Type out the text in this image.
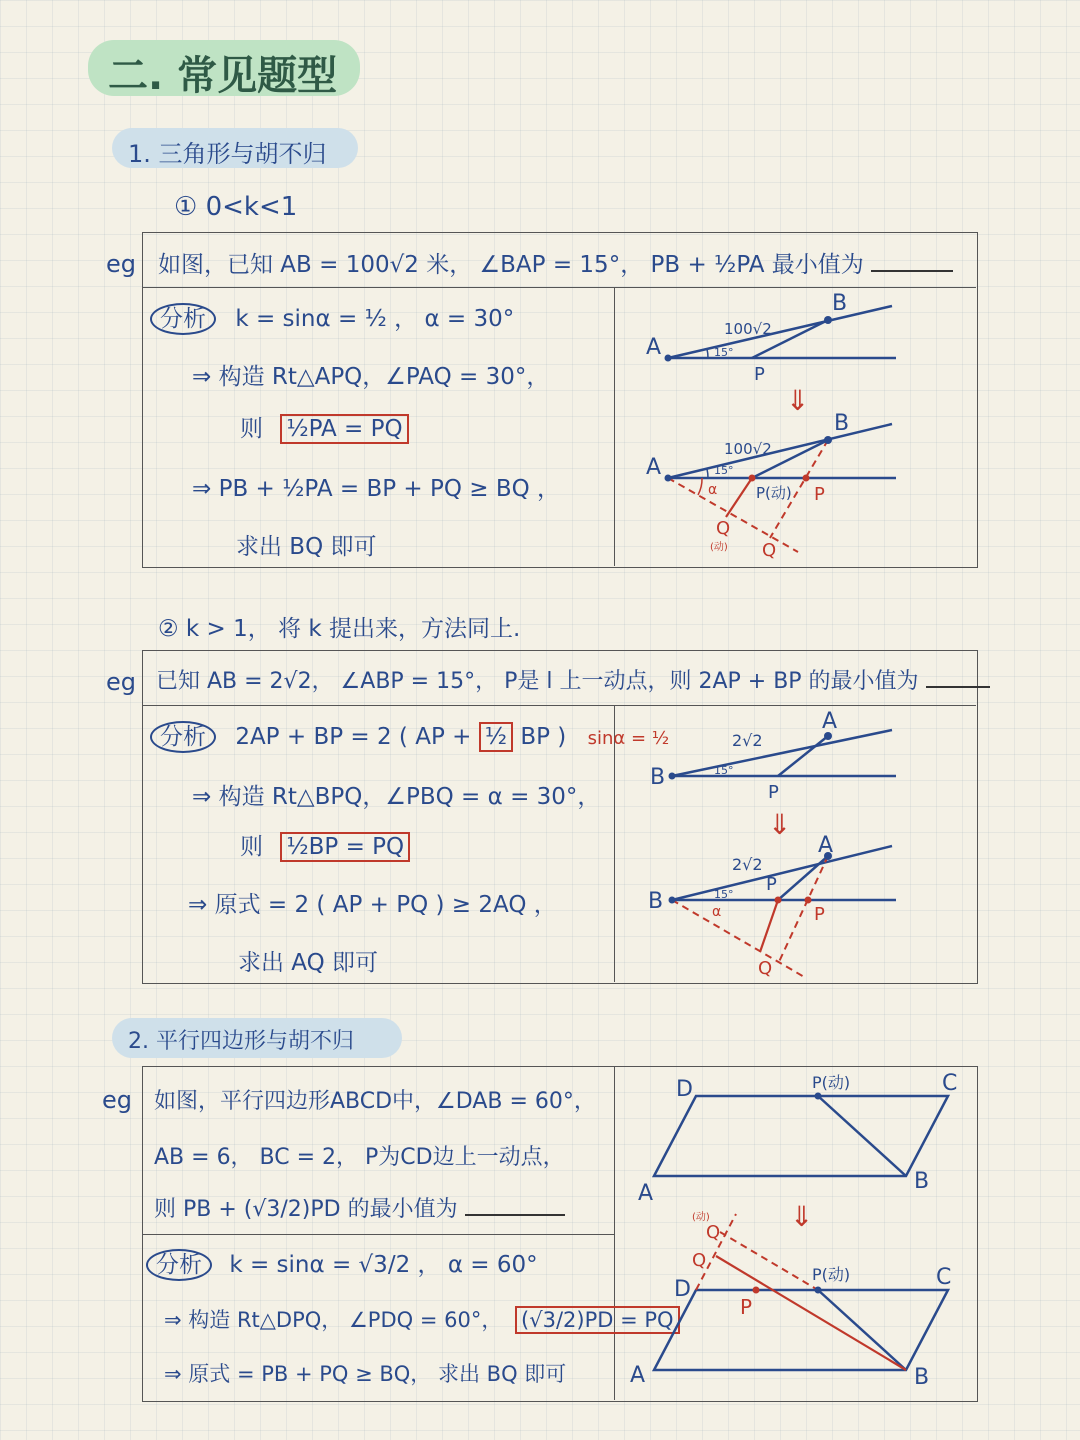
二. 常见题型
1. 三角形与胡不归
① 0<k<1
eg 如图，已知 AB = 100√2 米， ∠BAP = 15°， PB + ½PA 最小值为
分析 k = sinα = ½ ， α = 30°
⇒ 构造 Rt△APQ，∠PAQ = 30°，
则 ½PA = PQ
⇒ PB + ½PA = BP + PQ ≥ BQ ，
求出 BQ 即可
A
B
P
100√2
15°
⇓
A
B
P(动) P
Q
(动) Q
100√2
15°
α
② k > 1， 将 k 提出来，方法同上.
eg 已知 AB = 2√2， ∠ABP = 15°， P是 l 上一动点，则 2AP + BP 的最小值为
分析 2AP + BP = 2 ( AP + ½ BP ) sinα = ½
⇒ 构造 Rt△BPQ，∠PBQ = α = 30°，
则 ½BP = PQ
⇒ 原式 = 2 ( AP + PQ ) ≥ 2AQ ，
求出 AQ 即可
A
B
P
2√2
15°
⇓
A
B
P
P
Q
2√2
15°
α
2. 平行四边形与胡不归
eg 如图，平行四边形ABCD中，∠DAB = 60°，
AB = 6， BC = 2， P为CD边上一动点，
则 PB + (√3/2)PD 的最小值为
分析 k = sinα = √3/2 ， α = 60°
⇒ 构造 Rt△DPQ， ∠PDQ = 60°， (√3/2)PD = PQ
⇒ 原式 = PB + PQ ≥ BQ， 求出 BQ 即可
A	B
C
D	P(动)
⇓
A	B
C
D
P(动)
P
Q
(动)
Q
